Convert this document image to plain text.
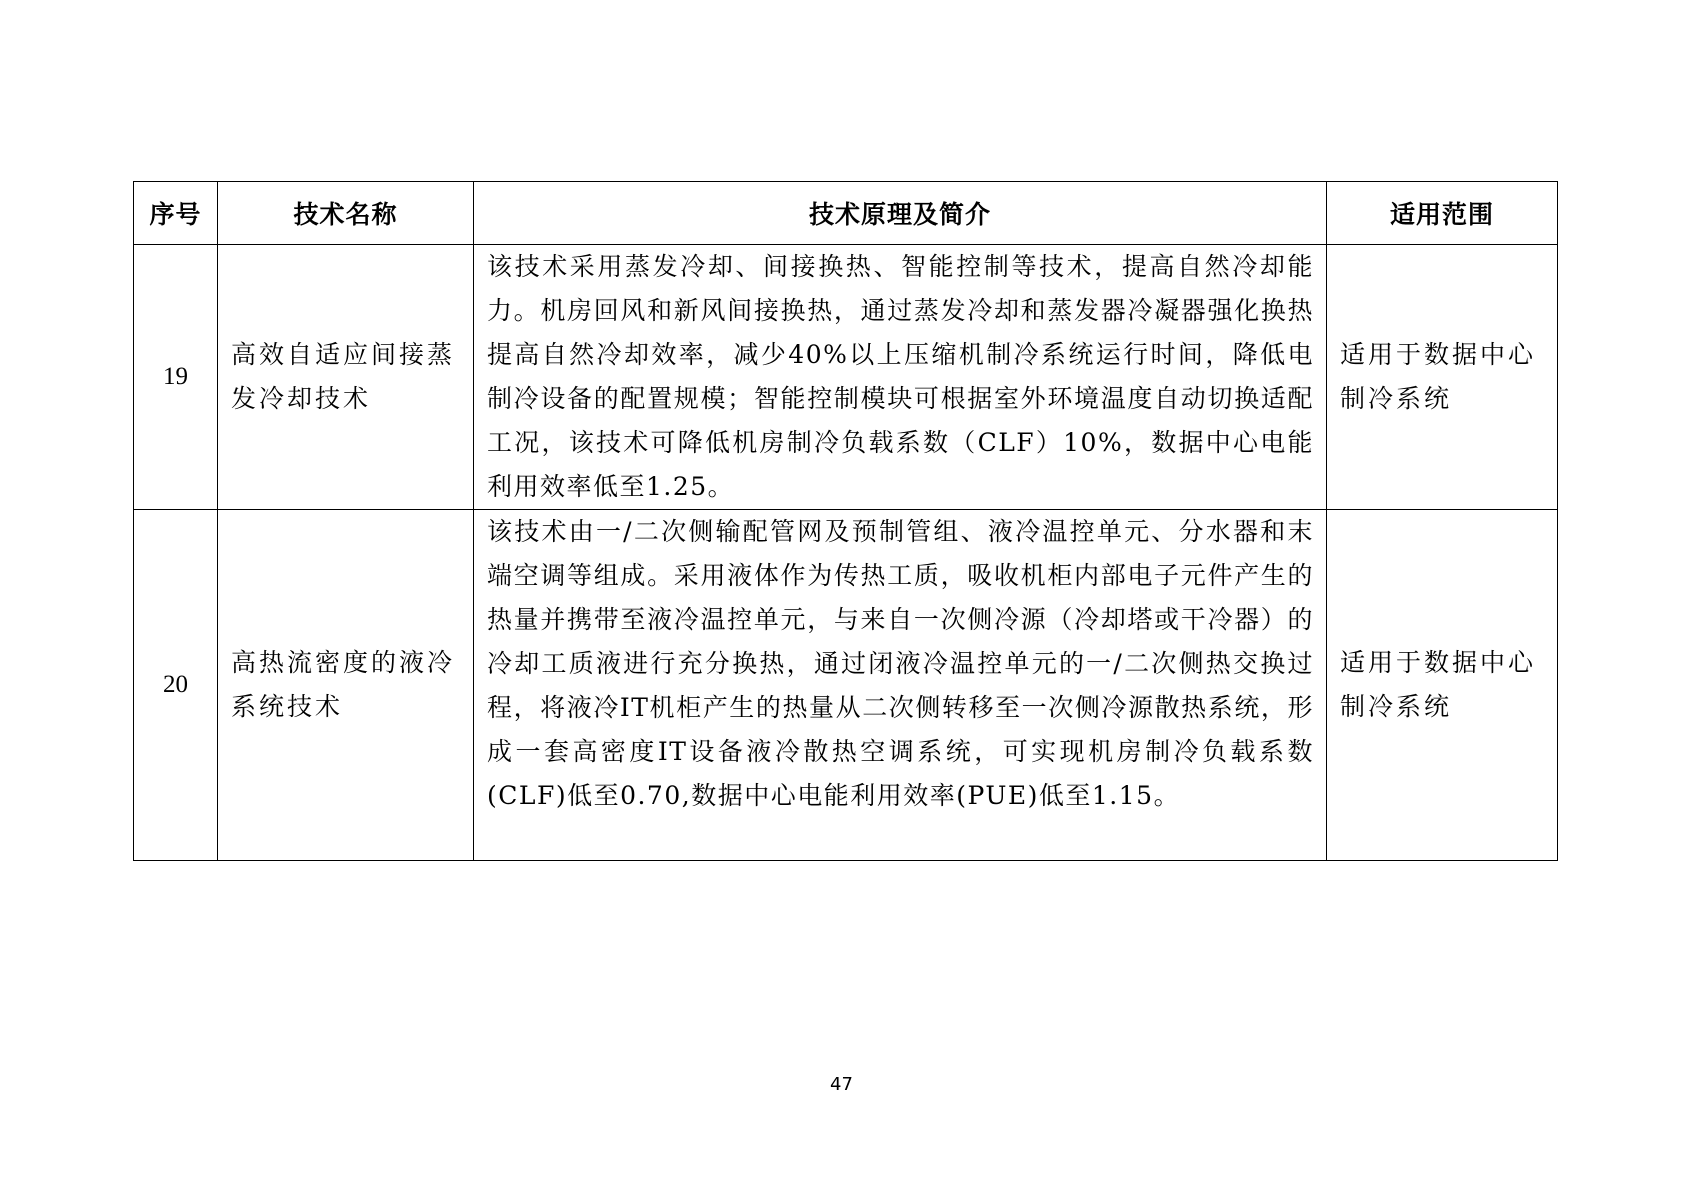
序号	技术名称	技术原理及简介	适用范围
19	高效自适应间接蒸发冷却技术	该技术采用蒸发冷却、间接换热、智能控制等技术，提高自然冷却能力。机房回风和新风间接换热，通过蒸发冷却和蒸发器冷凝器强化换热提高自然冷却效率，减少40%以上压缩机制冷系统运行时间，降低电制冷设备的配置规模；智能控制模块可根据室外环境温度自动切换适配工况，该技术可降低机房制冷负载系数（CLF）10%，数据中心电能利用效率低至1.25。	适用于数据中心制冷系统
20	高热流密度的液冷系统技术	该技术由一/二次侧输配管网及预制管组、液冷温控单元、分水器和末端空调等组成。采用液体作为传热工质，吸收机柜内部电子元件产生的热量并携带至液冷温控单元，与来自一次侧冷源（冷却塔或干冷器）的冷却工质液进行充分换热，通过闭液冷温控单元的一/二次侧热交换过程，将液冷IT机柜产生的热量从二次侧转移至一次侧冷源散热系统，形成一套高密度IT设备液冷散热空调系统，可实现机房制冷负载系数(CLF)低至0.70,数据中心电能利用效率(PUE)低至1.15。	适用于数据中心制冷系统
47
